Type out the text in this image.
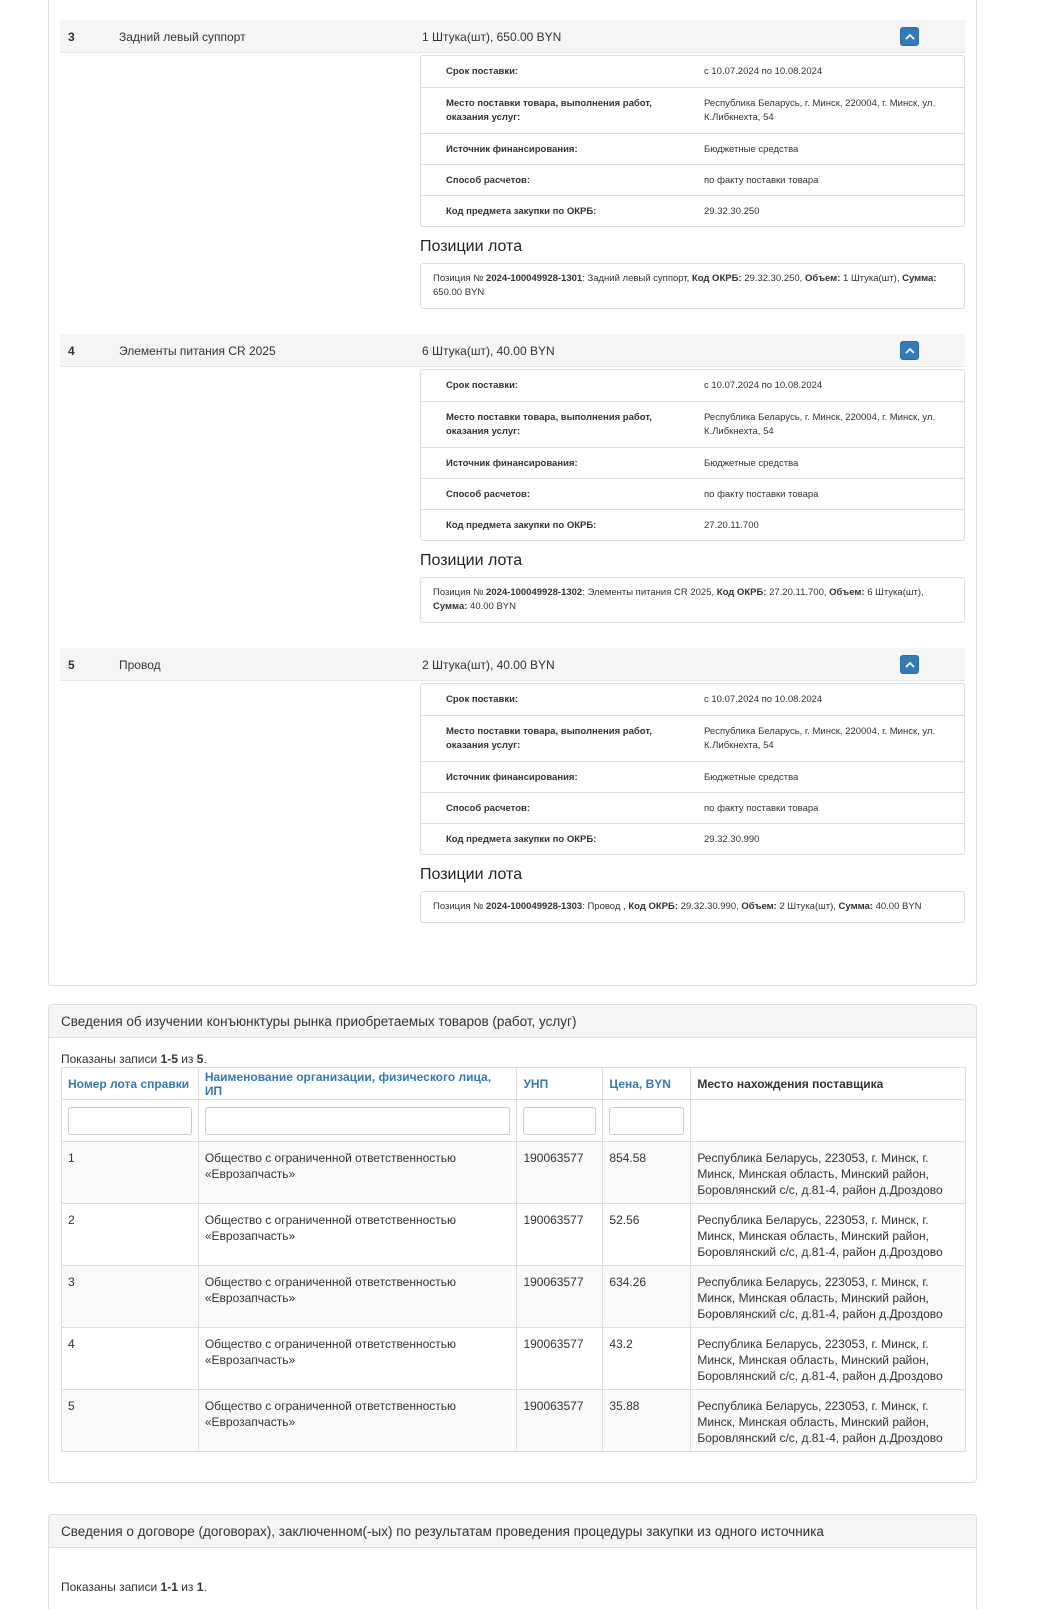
3	Задний левый суппорт	1 Штука(шт), 650.00 BYN
Срок поставки:	с 10.07.2024 по 10.08.2024
Место поставки товара, выполнения работ, оказания услуг:
Республика Беларусь, г. Минск, 220004, г. Минск, ул. К.Либкнехта, 54
Источник финансирования:	Бюджетные средства
Способ расчетов:	по факту поставки товара
Код предмета закупки по ОКРБ:	29.32.30.250
Позиции лота
Позиция № 2024-100049928-1301: Задний левый суппорт, Код ОКРБ: 29.32.30.250, Объем: 1 Штука(шт), Сумма: 650.00 BYN
4	Элементы питания CR 2025	6 Штука(шт), 40.00 BYN
Срок поставки:	с 10.07.2024 по 10.08.2024
Место поставки товара, выполнения работ, оказания услуг:
Республика Беларусь, г. Минск, 220004, г. Минск, ул. К.Либкнехта, 54
Источник финансирования:	Бюджетные средства
Способ расчетов:	по факту поставки товара
Код предмета закупки по ОКРБ:	27.20.11.700
Позиции лота
Позиция № 2024-100049928-1302: Элементы питания CR 2025, Код ОКРБ: 27.20.11.700, Объем: 6 Штука(шт), Сумма: 40.00 BYN
5	Провод	2 Штука(шт), 40.00 BYN
Срок поставки:	с 10.07.2024 по 10.08.2024
Место поставки товара, выполнения работ, оказания услуг:
Республика Беларусь, г. Минск, 220004, г. Минск, ул. К.Либкнехта, 54
Источник финансирования:	Бюджетные средства
Способ расчетов:	по факту поставки товара
Код предмета закупки по ОКРБ:	29.32.30.990
Позиции лота
Позиция № 2024-100049928-1303: Провод , Код ОКРБ: 29.32.30.990, Объем: 2 Штука(шт), Сумма: 40.00 BYN
Сведения об изучении конъюнктуры рынка приобретаемых товаров (работ, услуг)
Показаны записи 1-5 из 5.
Номер лота справки	Наименование организации, физического лица, ИП	УНП	Цена, BYN	Место нахождения поставщика

1	Общество с ограниченной ответственностью «Еврозапчасть»	190063577	854.58	Республика Беларусь, 223053, г. Минск, г. Минск, Минская область, Минский район, Боровлянский с/с, д.81-4, район д.Дроздово
2	Общество с ограниченной ответственностью «Еврозапчасть»	190063577	52.56	Республика Беларусь, 223053, г. Минск, г. Минск, Минская область, Минский район, Боровлянский с/с, д.81-4, район д.Дроздово
3	Общество с ограниченной ответственностью «Еврозапчасть»	190063577	634.26	Республика Беларусь, 223053, г. Минск, г. Минск, Минская область, Минский район, Боровлянский с/с, д.81-4, район д.Дроздово
4	Общество с ограниченной ответственностью «Еврозапчасть»	190063577	43.2	Республика Беларусь, 223053, г. Минск, г. Минск, Минская область, Минский район, Боровлянский с/с, д.81-4, район д.Дроздово
5	Общество с ограниченной ответственностью «Еврозапчасть»	190063577	35.88	Республика Беларусь, 223053, г. Минск, г. Минск, Минская область, Минский район, Боровлянский с/с, д.81-4, район д.Дроздово
Сведения о договоре (договорах), заключенном(-ых) по результатам проведения процедуры закупки из одного источника
Показаны записи 1-1 из 1.
